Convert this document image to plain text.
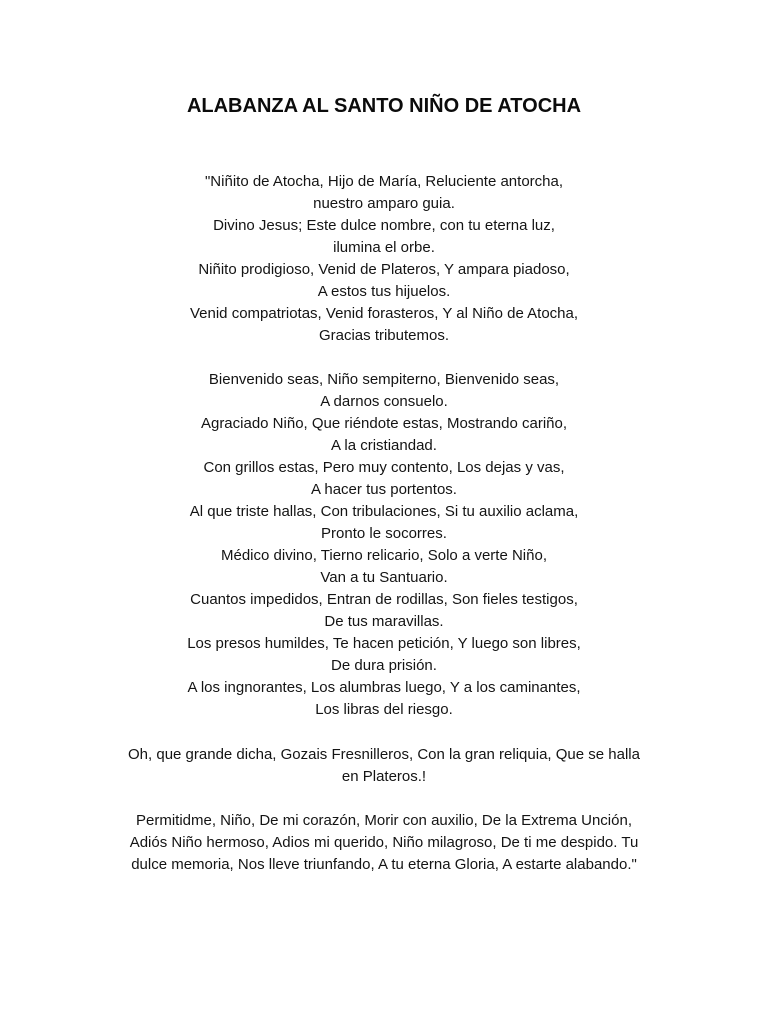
ALABANZA AL SANTO NIÑO DE ATOCHA
"Niñito de Atocha, Hijo de María, Reluciente antorcha,
nuestro amparo guia.
Divino Jesus; Este dulce nombre, con tu eterna luz,
ilumina el orbe.
Niñito prodigioso, Venid de Plateros, Y ampara piadoso,
A estos tus hijuelos.
Venid compatriotas, Venid forasteros, Y al Niño de Atocha,
Gracias tributemos.
Bienvenido seas, Niño sempiterno, Bienvenido seas,
A darnos consuelo.
Agraciado Niño, Que riéndote estas, Mostrando cariño,
A la cristiandad.
Con grillos estas, Pero muy contento, Los dejas y vas,
A hacer tus portentos.
Al que triste hallas, Con tribulaciones, Si tu auxilio aclama,
Pronto le socorres.
Médico divino, Tierno relicario, Solo a verte Niño,
Van a tu Santuario.
Cuantos impedidos, Entran de rodillas, Son fieles testigos,
De tus maravillas.
Los presos humildes, Te hacen petición, Y luego son libres,
De dura prisión.
A los ingnorantes, Los alumbras luego, Y a los caminantes,
Los libras del riesgo.
Oh, que grande dicha, Gozais Fresnilleros, Con la gran reliquia, Que se halla
en Plateros.!
Permitidme, Niño, De mi corazón, Morir con auxilio, De la Extrema Unción,
Adiós Niño hermoso, Adios mi querido, Niño milagroso, De ti me despido. Tu
dulce memoria, Nos lleve triunfando, A tu eterna Gloria, A estarte alabando."
